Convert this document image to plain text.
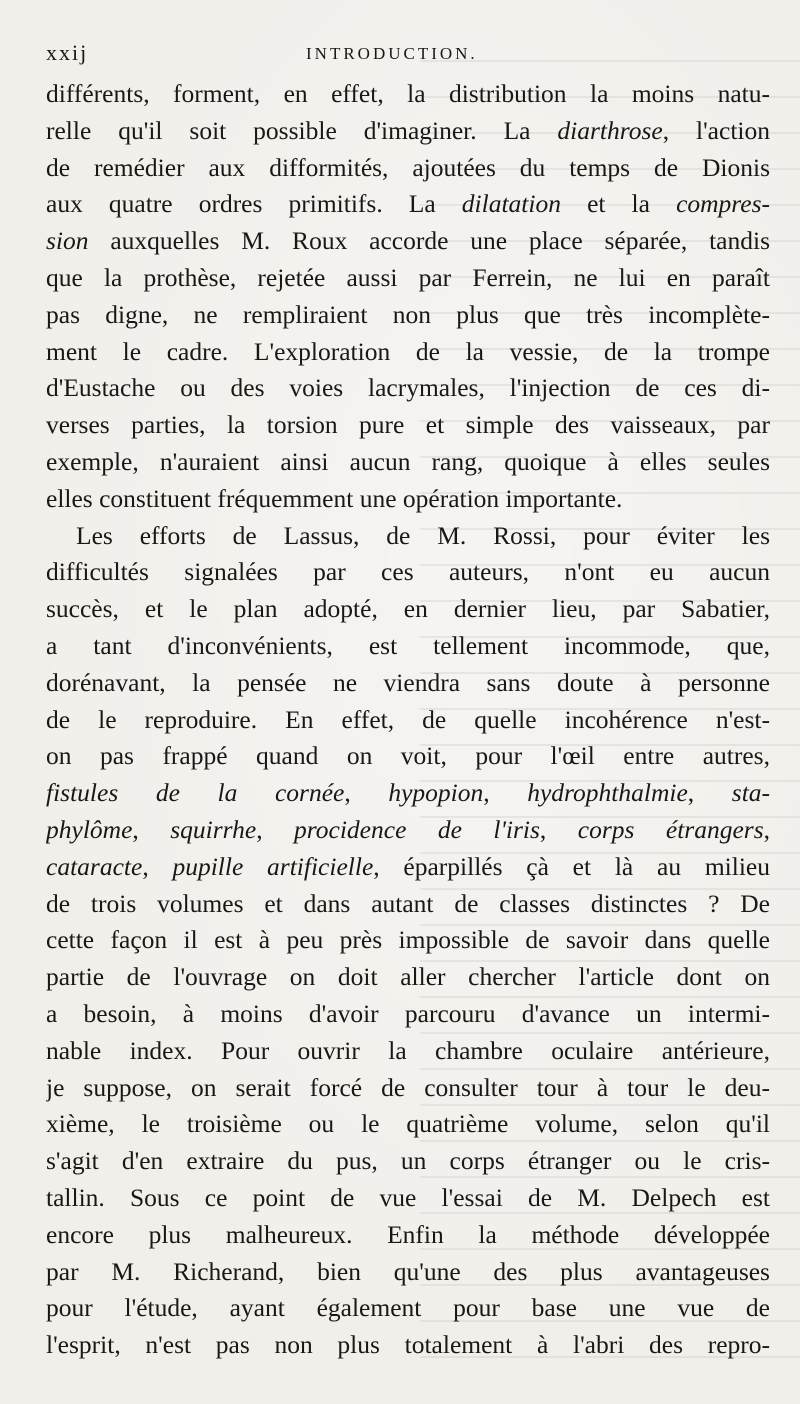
xxij	INTRODUCTION.
différents, forment, en effet, la distribution la moins natu-
relle qu'il soit possible d'imaginer. La diarthrose, l'action
de remédier aux difformités, ajoutées du temps de Dionis
aux quatre ordres primitifs. La dilatation et la compres-
sion auxquelles M. Roux accorde une place séparée, tandis
que la prothèse, rejetée aussi par Ferrein, ne lui en paraît
pas digne, ne rempliraient non plus que très incomplète-
ment le cadre. L'exploration de la vessie, de la trompe
d'Eustache ou des voies lacrymales, l'injection de ces di-
verses parties, la torsion pure et simple des vaisseaux, par
exemple, n'auraient ainsi aucun rang, quoique à elles seules
elles constituent fréquemment une opération importante.
Les efforts de Lassus, de M. Rossi, pour éviter les
difficultés signalées par ces auteurs, n'ont eu aucun
succès, et le plan adopté, en dernier lieu, par Sabatier,
a tant d'inconvénients, est tellement incommode, que,
dorénavant, la pensée ne viendra sans doute à personne
de le reproduire. En effet, de quelle incohérence n'est-
on pas frappé quand on voit, pour l'œil entre autres,
fistules de la cornée, hypopion, hydrophthalmie, sta-
phylôme, squirrhe, procidence de l'iris, corps étrangers,
cataracte, pupille artificielle, éparpillés çà et là au milieu
de trois volumes et dans autant de classes distinctes ? De
cette façon il est à peu près impossible de savoir dans quelle
partie de l'ouvrage on doit aller chercher l'article dont on
a besoin, à moins d'avoir parcouru d'avance un intermi-
nable index. Pour ouvrir la chambre oculaire antérieure,
je suppose, on serait forcé de consulter tour à tour le deu-
xième, le troisième ou le quatrième volume, selon qu'il
s'agit d'en extraire du pus, un corps étranger ou le cris-
tallin. Sous ce point de vue l'essai de M. Delpech est
encore plus malheureux. Enfin la méthode développée
par M. Richerand, bien qu'une des plus avantageuses
pour l'étude, ayant également pour base une vue de
l'esprit, n'est pas non plus totalement à l'abri des repro-
